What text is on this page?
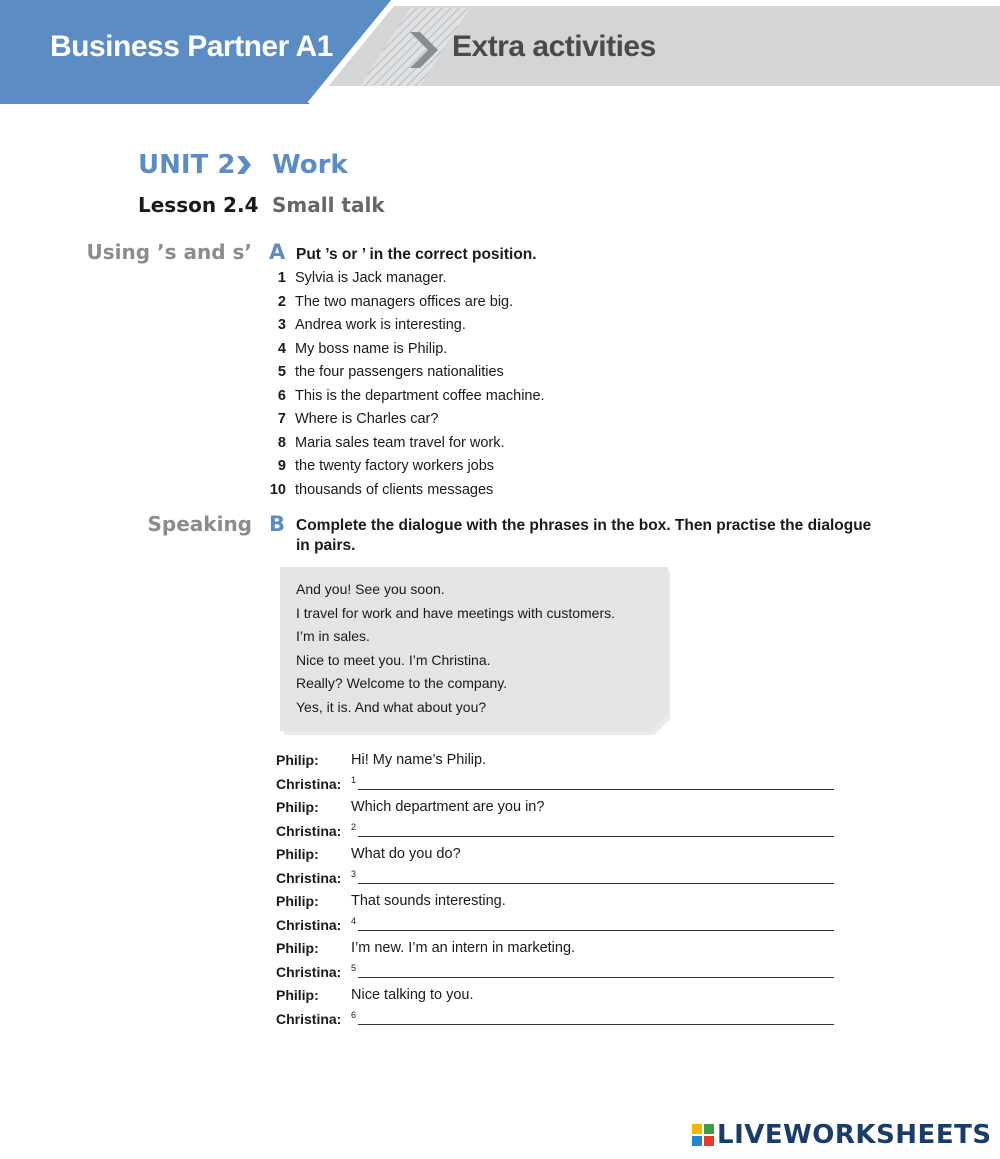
Business Partner A1	Extra activities
UNIT 2 Work
Lesson 2.4 Small talk
Using ’s and s’ A Put ’s or ’ in the correct position.
1 Sylvia is Jack manager.
2 The two managers offices are big.
3 Andrea work is interesting.
4 My boss name is Philip.
5 the four passengers nationalities
6 This is the department coffee machine.
7 Where is Charles car?
8 Maria sales team travel for work.
9 the twenty factory workers jobs
10 thousands of clients messages
Speaking B Complete the dialogue with the phrases in the box. Then practise the dialogue
in pairs.
And you! See you soon.
I travel for work and have meetings with customers.
I’m in sales.
Nice to meet you. I’m Christina.
Really? Welcome to the company.
Yes, it is. And what about you?
Philip: Hi! My name’s Philip.
Christina: 1
Philip: Which department are you in?
Christina: 2
Philip: What do you do?
Christina: 3
Philip: That sounds interesting.
Christina: 4
Philip: I’m new. I’m an intern in marketing.
Christina: 5
Philip: Nice talking to you.
Christina: 6
LIVEWORKSHEETS
